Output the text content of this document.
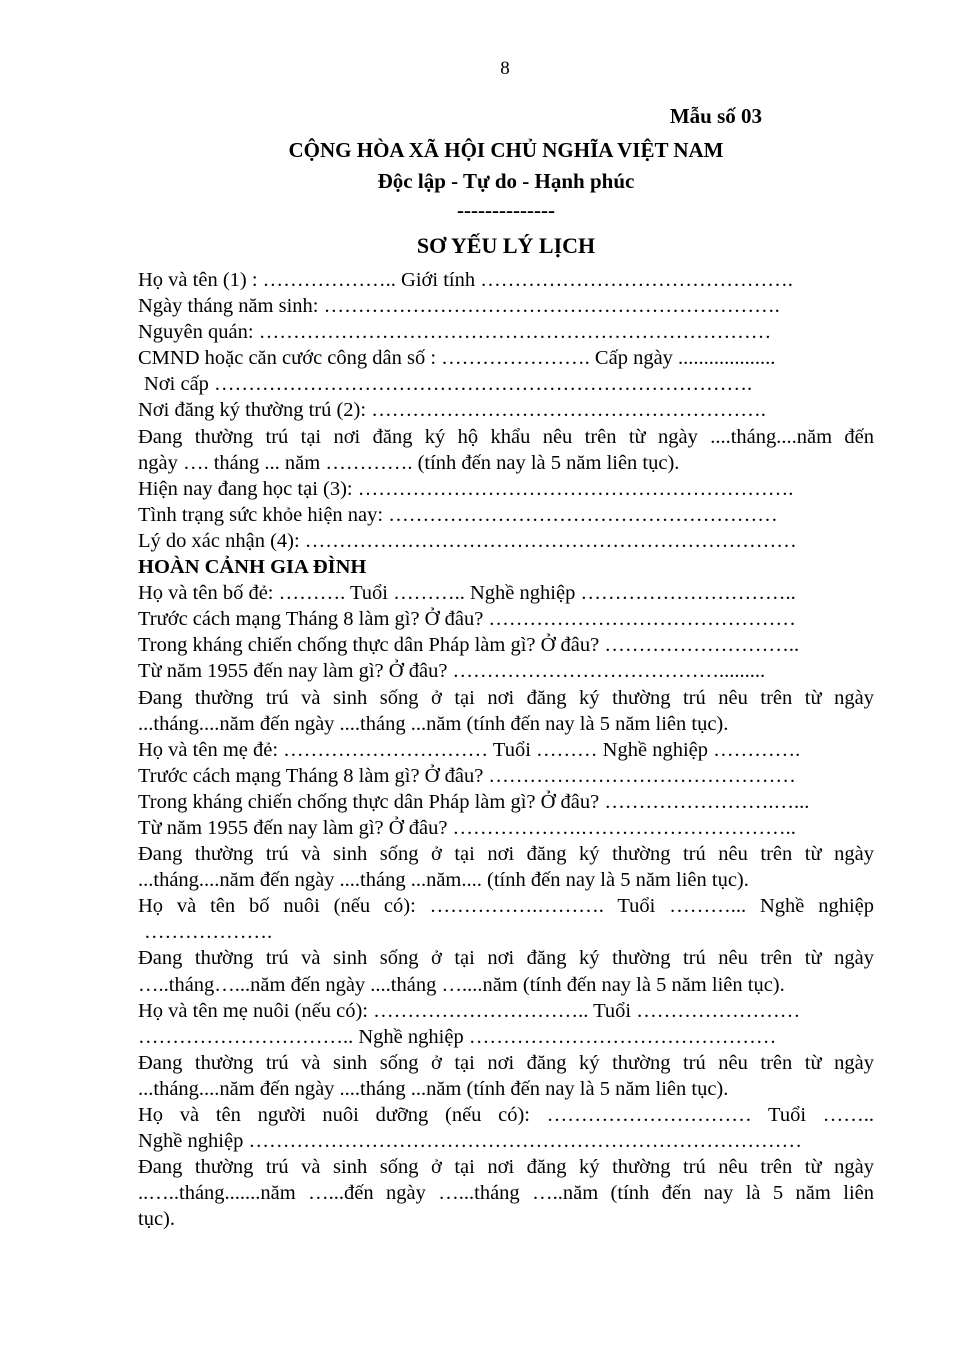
8
Mẫu số 03
CỘNG HÒA XÃ HỘI CHỦ NGHĨA VIỆT NAM
Độc lập - Tự do - Hạnh phúc
--------------
SƠ YẾU LÝ LỊCH
Họ và tên (1) : ……………….. Giới tính ……………………………………….
Ngày tháng năm sinh: ………………………………………………………….
Nguyên quán: …………………………………………………………………
CMND hoặc căn cước công dân số : …………………. Cấp ngày ...................
Nơi cấp …………………………………………………………………….
Nơi đăng ký thường trú (2): ………………………………………………….
Đang thường trú tại nơi đăng ký hộ khẩu nêu trên từ ngày ....tháng....năm đến
ngày …. tháng ... năm …………. (tính đến nay là 5 năm liên tục).
Hiện nay đang học tại (3): ……………………………………………………….
Tình trạng sức khỏe hiện nay: …………………………………………………
Lý do xác nhận (4): ………………………………………………………………
HOÀN CẢNH GIA ĐÌNH
Họ và tên bố đẻ: ………. Tuổi ……….. Nghề nghiệp …………………………..
Trước cách mạng Tháng 8 làm gì? Ở đâu? ………………………………………
Trong kháng chiến chống thực dân Pháp làm gì? Ở đâu? ………………………..
Từ năm 1955 đến nay làm gì? Ở đâu? ………………………………….........
Đang thường trú và sinh sống ở tại nơi đăng ký thường trú nêu trên từ ngày
...tháng....năm đến ngày ....tháng ...năm (tính đến nay là 5 năm liên tục).
Họ và tên mẹ đẻ: ………………………… Tuổi ……… Nghề nghiệp ………….
Trước cách mạng Tháng 8 làm gì? Ở đâu? ………………………………………
Trong kháng chiến chống thực dân Pháp làm gì? Ở đâu? …………………….…...
Từ năm 1955 đến nay làm gì? Ở đâu? ……………….…………………………..
Đang thường trú và sinh sống ở tại nơi đăng ký thường trú nêu trên từ ngày
...tháng....năm đến ngày ....tháng ...năm.... (tính đến nay là 5 năm liên tục).
Họ và tên bố nuôi (nếu có): …………….………. Tuổi ………... Nghề nghiệp
……………….
Đang thường trú và sinh sống ở tại nơi đăng ký thường trú nêu trên từ ngày
…..tháng…...năm đến ngày ....tháng …....năm (tính đến nay là 5 năm liên tục).
Họ và tên mẹ nuôi (nếu có): ………………………….. Tuổi ……………………
………………………….. Nghề nghiệp ………………………………………
Đang thường trú và sinh sống ở tại nơi đăng ký thường trú nêu trên từ ngày
...tháng....năm đến ngày ....tháng ...năm (tính đến nay là 5 năm liên tục).
Họ và tên người nuôi dưỡng (nếu có): ………………………… Tuổi ……..
Nghề nghiệp ………………………………………………………………………
Đang thường trú và sinh sống ở tại nơi đăng ký thường trú nêu trên từ ngày
..…..tháng.......năm …...đến ngày …...tháng …..năm (tính đến nay là 5 năm liên
tục).
